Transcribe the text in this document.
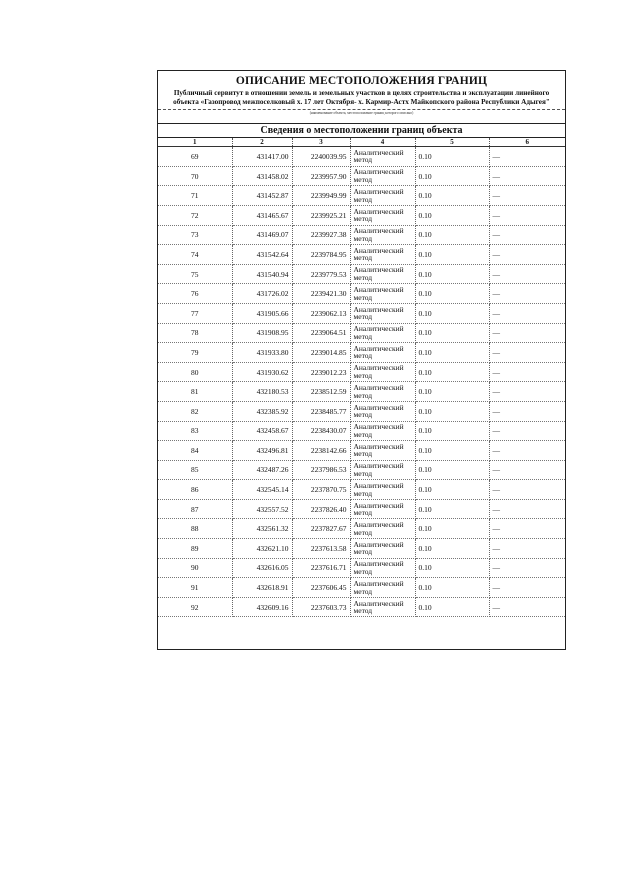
ОПИСАНИЕ МЕСТОПОЛОЖЕНИЯ ГРАНИЦ
Публичный сервитут в отношении земель и земельных участков в целях строительства и эксплуатации линейного объекта «Газопровод межпоселковый х. 17 лет Октября- х. Кармир-Астх Майкопского района Республики Адыгея"
(наименование объекта, местоположение границ которого описано)
Сведения о местоположении границ объекта
1	2	3	4	5	6
69	431417.00	2240039.95	Аналитический метод	0.10	—
70	431458.02	2239957.90	Аналитический метод	0.10	—
71	431452.87	2239949.99	Аналитический метод	0.10	—
72	431465.67	2239925.21	Аналитический метод	0.10	—
73	431469.07	2239927.38	Аналитический метод	0.10	—
74	431542.64	2239784.95	Аналитический метод	0.10	—
75	431540.94	2239779.53	Аналитический метод	0.10	—
76	431726.02	2239421.30	Аналитический метод	0.10	—
77	431905.66	2239062.13	Аналитический метод	0.10	—
78	431908.95	2239064.51	Аналитический метод	0.10	—
79	431933.80	2239014.85	Аналитический метод	0.10	—
80	431930.62	2239012.23	Аналитический метод	0.10	—
81	432180.53	2238512.59	Аналитический метод	0.10	—
82	432385.92	2238485.77	Аналитический метод	0.10	—
83	432458.67	2238430.07	Аналитический метод	0.10	—
84	432496.81	2238142.66	Аналитический метод	0.10	—
85	432487.26	2237986.53	Аналитический метод	0.10	—
86	432545.14	2237870.75	Аналитический метод	0.10	—
87	432557.52	2237826.40	Аналитический метод	0.10	—
88	432561.32	2237827.67	Аналитический метод	0.10	—
89	432621.10	2237613.58	Аналитический метод	0.10	—
90	432616.05	2237616.71	Аналитический метод	0.10	—
91	432618.91	2237606.45	Аналитический метод	0.10	—
92	432609.16	2237603.73	Аналитический метод	0.10	—
